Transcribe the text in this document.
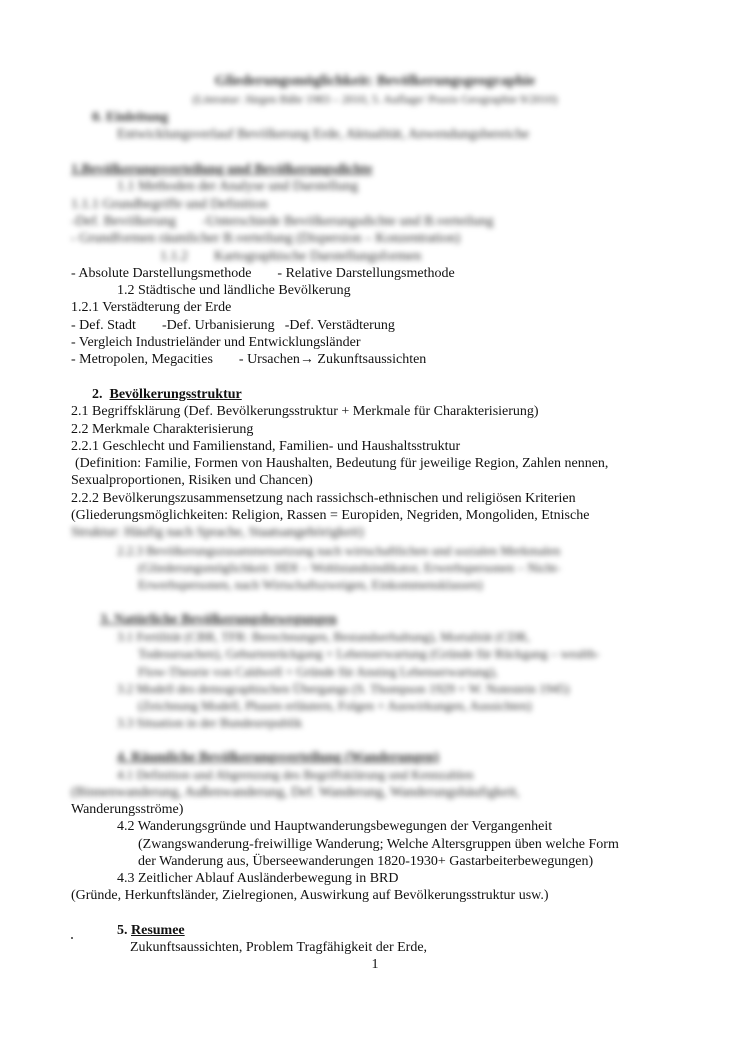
Gliederungsmöglichkeit: Bevölkerungsgeographie
(Literatur: Jürgen Bähr 1983 – 2010, 5. Auflage/ Praxis Geographie 9/2010)
0. Einleitung
Entwicklungsverlauf Bevölkerung Erde, Aktualität, Anwendungsbereiche
1.Bevölkerungsverteilung und Bevölkerungsdichte
1.1 Methoden der Analyse und Darstellung
1.1.1 Grundbegriffe und Definition
-Def. Bevölkerung -Unterschiede Bevölkerungsdichte und B.verteilung
- Grundformen räumlicher B.verteilung (Dispersion – Konzentration)
1.1.2 Kartographische Darstellungsformen
- Absolute Darstellungsmethode - Relative Darstellungsmethode
1.2 Städtische und ländliche Bevölkerung
1.2.1 Verstädterung der Erde
- Def. Stadt -Def. Urbanisierung -Def. Verstädterung
- Vergleich Industrieländer und Entwicklungsländer
- Metropolen, Megacities - Ursachen→ Zukunftsaussichten
2. Bevölkerungsstruktur
2.1 Begriffsklärung (Def. Bevölkerungsstruktur + Merkmale für Charakterisierung)
2.2 Merkmale Charakterisierung
2.2.1 Geschlecht und Familienstand, Familien- und Haushaltsstruktur
(Definition: Familie, Formen von Haushalten, Bedeutung für jeweilige Region, Zahlen nennen,
Sexualproportionen, Risiken und Chancen)
2.2.2 Bevölkerungszusammensetzung nach rassichsch-ethnischen und religiösen Kriterien
(Gliederungsmöglichkeiten: Religion, Rassen = Europiden, Negriden, Mongoliden, Etnische
Struktur: Häufig nach Sprache, Staatsangehörigkeit)
2.2.3 Bevölkerungszusammensetzung nach wirtschaftlichen und sozialen Merkmalen
(Gliederungsmöglichkeit: HDI – Wohlstandsindikator, Erwerbspersonen – Nicht-
Erwerbspersonen, nach Wirtschaftszweigen, Einkommensklassen)
3. Natürliche Bevölkerungsbewegungen
3.1 Fertilität (CBR, TFR: Berechnungen, Bestandserhaltung), Mortalität (CDR,
Todesursachen), Geburtenrückgang + Lebenserwartung (Gründe für Rückgang – wealth-
Flow-Theorie von Caldwell + Gründe für Anstieg Lebenserwartung),
3.2 Modell des demographischen Übergangs (S. Thompson 1929 + W. Notestein 1945)
(Zeichnung Modell, Phasen erläutern, Folgen + Auswirkungen, Aussichten)
3.3 Situation in der Bundesrepublik
4. Räumliche Bevölkerungsverteilung (Wanderungen)
4.1 Definition und Abgrenzung des Begriffsklärung und Kennzahlen
(Binnenwanderung, Außenwanderung, Def. Wanderung, Wanderungshäufigkeit,
Wanderungsströme)
4.2 Wanderungsgründe und Hauptwanderungsbewegungen der Vergangenheit
(Zwangswanderung-freiwillige Wanderung; Welche Altersgruppen üben welche Form
der Wanderung aus, Überseewanderungen 1820-1930+ Gastarbeiterbewegungen)
4.3 Zeitlicher Ablauf Ausländerbewegung in BRD
(Gründe, Herkunftsländer, Zielregionen, Auswirkung auf Bevölkerungsstruktur usw.)
5. Resumee
Zukunftsaussichten, Problem Tragfähigkeit der Erde,
1
